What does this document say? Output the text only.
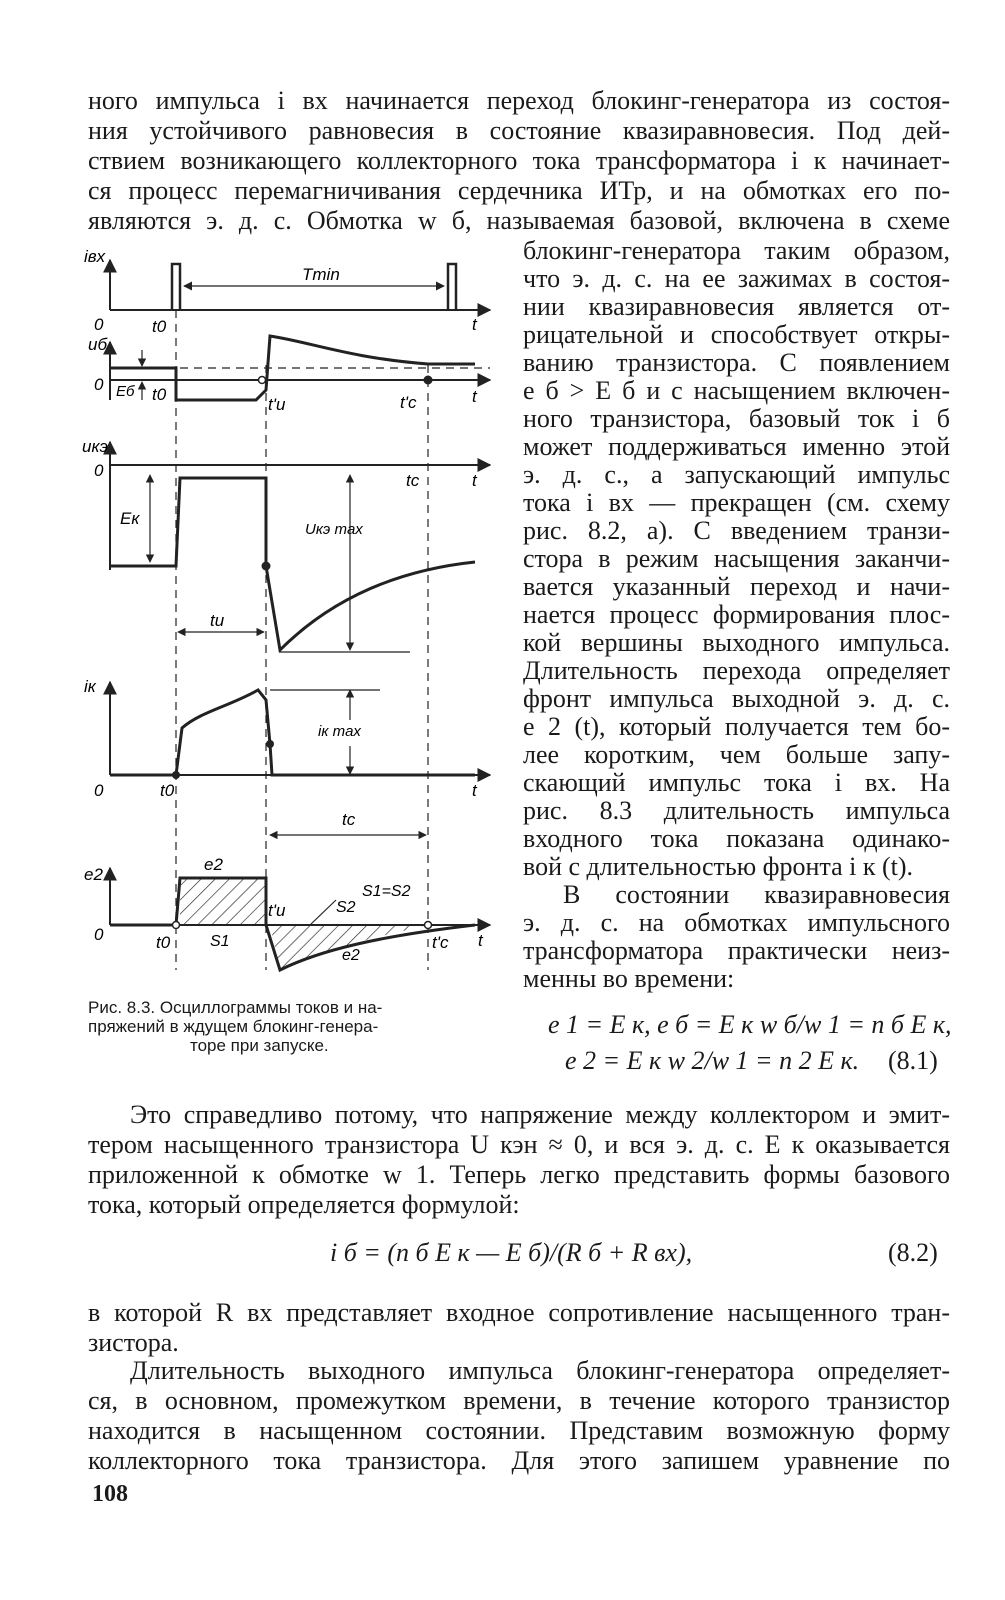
ного импульса i вх начинается переход блокинг-генератора из состоя-
ния устойчивого равновесия в состояние квазиравновесия. Под дей-
ствием возникающего коллекторного тока трансформатора i к начинает-
ся процесс перемагничивания сердечника ИТр, и на обмотках его по-
являются э. д. с. Обмотка w б, называемая базовой, включена в схеме
блокинг-генератора таким образом,
что э. д. с. на ее зажимах в состоя-
нии квазиравновесия является от-
рицательной и способствует откры-
ванию транзистора. С появлением
e б > E б и с насыщением включен-
ного транзистора, базовый ток i б
может поддерживаться именно этой
э. д. с., а запускающий импульс
тока i вх — прекращен (см. схему
рис. 8.2, а). С введением транзи-
стора в режим насыщения заканчи-
вается указанный переход и начи-
нается процесс формирования плос-
кой вершины выходного импульса.
Длительность перехода определяет
фронт импульса выходной э. д. с.
e 2 (t), который получается тем бо-
лее коротким, чем больше запу-
скающий импульс тока i вх. На
рис. 8.3 длительность импульса
входного тока показана одинако-
вой с длительностью фронта i к (t).
В состоянии квазиравновесия
э. д. с. на обмотках импульсного
трансформатора практически неиз-
менны во времени:
iвх
Tmin
0	t0	t
uб
0 Eб t0
t'и	t'с	t
uкэ
0
Eк
Uкэ max
tс	t
tи
iк
iк max
0	t0	t
tс
e2
e2
S1=S2
t'и	S2
0	t0 S1
e2
t'с t
Рис. 8.3. Осциллограммы токов и на-
пряжений в ждущем блокинг-генера-
торе при запуске.
e 1 = E к, e б = E к w б/w 1 = n б E к,
e 2 = E к w 2/w 1 = n 2 E к. (8.1)
Это справедливо потому, что напряжение между коллектором и эмит-
тером насыщенного транзистора U кэн ≈ 0, и вся э. д. с. E к оказывается
приложенной к обмотке w 1. Теперь легко представить формы базового
тока, который определяется формулой:
i б = (n б E к — E б)/(R б + R вх),	(8.2)
в которой R вх представляет входное сопротивление насыщенного тран-
зистора.
Длительность выходного импульса блокинг-генератора определяет-
ся, в основном, промежутком времени, в течение которого транзистор
находится в насыщенном состоянии. Представим возможную форму
коллекторного тока транзистора. Для этого запишем уравнение по
108
